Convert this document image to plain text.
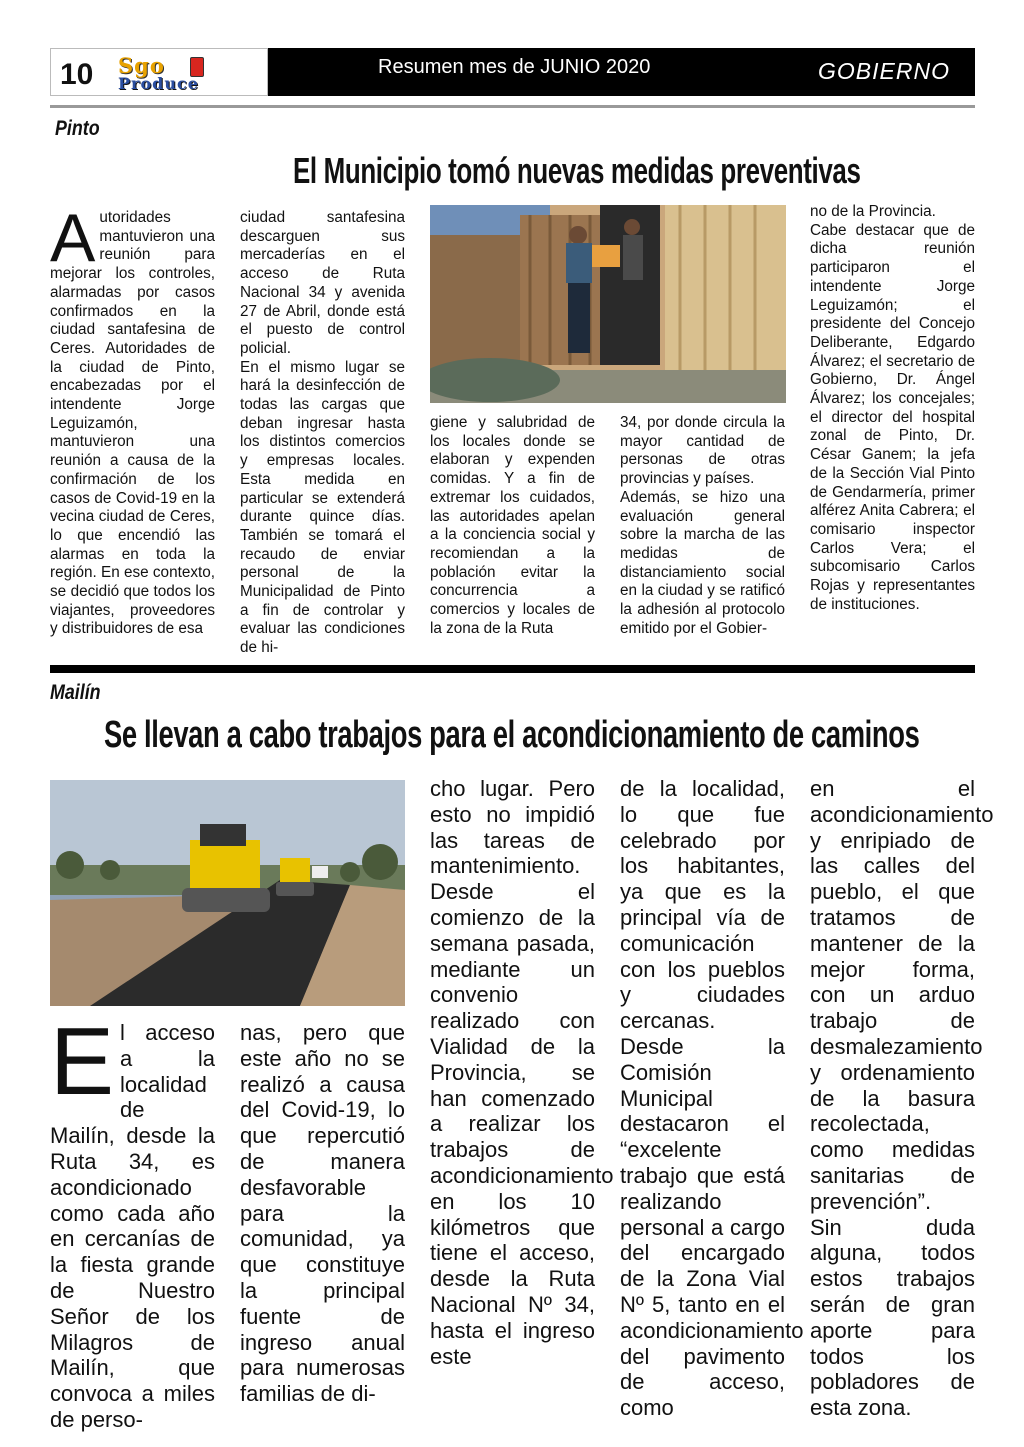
10 Sgo
Produce
Resumen mes de JUNIO 2020	GOBIERNO
Pinto
El Municipio tomó nuevas medidas preventivas
Autoridades mantuvieron una reunión para mejorar los controles, alarmadas por casos confirmados en la ciudad santafesina de Ceres. Autoridades de la ciudad de Pinto, encabezadas por el intendente Jorge Leguizamón, mantuvieron una reunión a causa de la confirmación de los casos de Covid-19 en la vecina ciudad de Ceres, lo que encendió las alarmas en toda la región. En ese contexto, se decidió que todos los viajantes, proveedores y distribuidores de esa
ciudad santafesina descarguen sus mercaderías en el acceso de Ruta Nacional 34 y avenida 27 de Abril, donde está el puesto de control policial.
En el mismo lugar se hará la desinfección de todas las cargas que deban ingresar hasta los distintos comercios y empresas locales. Esta medida en particular se extenderá durante quince días. También se tomará el recaudo de enviar personal de la Municipalidad de Pinto a fin de controlar y evaluar las condiciones de hi-
giene y salubridad de los locales donde se elaboran y expenden comidas. Y a fin de extremar los cuidados, las autoridades apelan a la conciencia social y recomiendan a la población evitar la concurrencia a comercios y locales de la zona de la Ruta
34, por donde circula la mayor cantidad de personas de otras provincias y países.
Además, se hizo una evaluación general sobre la marcha de las medidas de distanciamiento social en la ciudad y se ratificó la adhesión al protocolo emitido por el Gobier-
no de la Provincia.
Cabe destacar que de dicha reunión participaron el intendente Jorge Leguizamón; el presidente del Concejo Deliberante, Edgardo Álvarez; el secretario de Gobierno, Dr. Ángel Álvarez; los concejales; el director del hospital zonal de Pinto, Dr. César Ganem; la jefa de la Sección Vial Pinto de Gendarmería, primer alférez Anita Cabrera; el comisario inspector Carlos Vera; el subcomisario Carlos Rojas y representantes de instituciones.
Mailín
Se llevan a cabo trabajos para el acondicionamiento de caminos
El acceso a la localidad de Mailín, desde la Ruta 34, es acondicionado como cada año en cercanías de la fiesta grande de Nuestro Señor de los Milagros de Mailín, que convoca a miles de perso-
nas, pero que este año no se realizó a causa del Covid-19, lo que repercutió de manera desfavorable para la comunidad, ya que constituye la principal fuente de ingreso anual para numerosas familias de di-
cho lugar. Pero esto no impidió las tareas de mantenimiento.
Desde el comienzo de la semana pasada, mediante un convenio realizado con Vialidad de la Provincia, se han comenzado a realizar los trabajos de acondicionamiento en los 10 kilómetros que tiene el acceso, desde la Ruta Nacional Nº 34, hasta el ingreso este
de la localidad, lo que fue celebrado por los habitantes, ya que es la principal vía de comunicación con los pueblos y ciudades cercanas. Desde la Comisión Municipal destacaron el “excelente trabajo que está realizando personal a cargo del encargado de la Zona Vial Nº 5, tanto en el acondicionamiento del pavimento de acceso, como
en el acondicionamiento y enripiado de las calles del pueblo, el que tratamos de mantener de la mejor forma, con un arduo trabajo de desmalezamiento y ordenamiento de la basura recolectada, como medidas sanitarias de prevención”.
Sin duda alguna, todos estos trabajos serán de gran aporte para todos los pobladores de esta zona.
